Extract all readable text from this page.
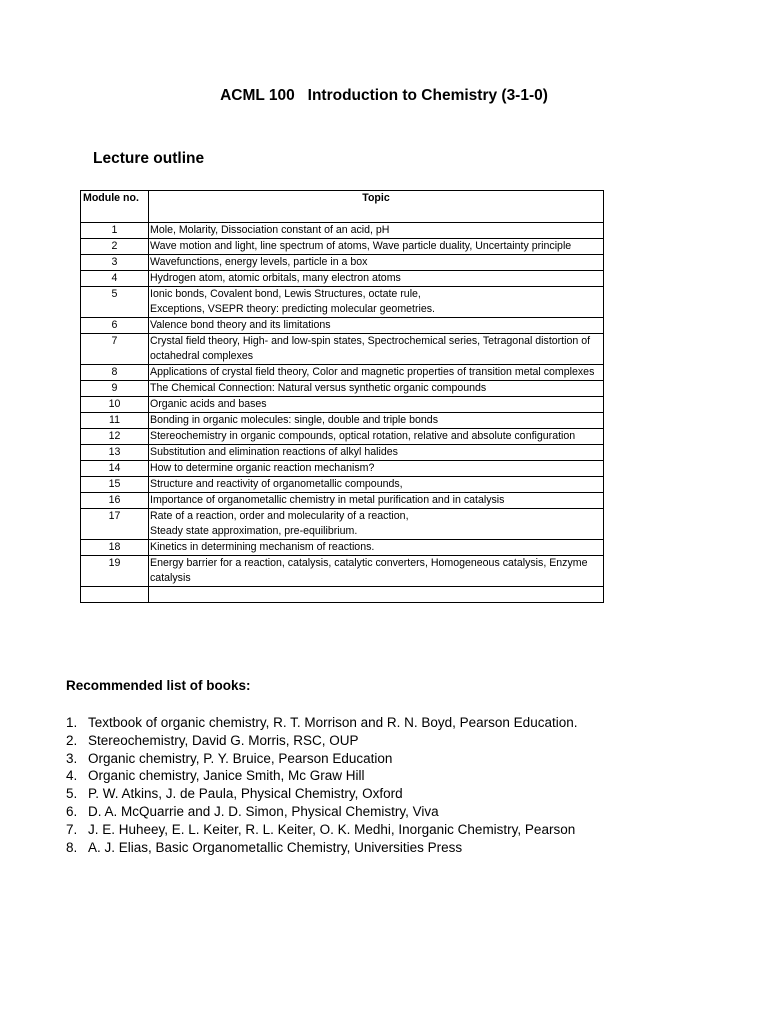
ACML 100   Introduction to Chemistry (3-1-0)
Lecture outline
Module no.	Topic
1	Mole, Molarity, Dissociation constant of an acid, pH
2	Wave motion and light, line spectrum of atoms, Wave particle duality, Uncertainty principle
3	Wavefunctions, energy levels, particle in a box
4	Hydrogen atom, atomic orbitals, many electron atoms
5	Ionic bonds, Covalent bond, Lewis Structures, octate rule,
Exceptions, VSEPR theory: predicting molecular geometries.
6	Valence bond theory and its limitations
7	Crystal field theory, High- and low-spin states, Spectrochemical series, Tetragonal distortion of octahedral complexes
8	Applications of crystal field theory, Color and magnetic properties of transition metal complexes
9	The Chemical Connection: Natural versus synthetic organic compounds
10	Organic acids and bases
11	Bonding in organic molecules: single, double and triple bonds
12	Stereochemistry in organic compounds, optical rotation, relative and absolute configuration
13	Substitution and elimination reactions of alkyl halides
14	How to determine organic reaction mechanism?
15	Structure and reactivity of organometallic compounds,
16	Importance of organometallic chemistry in metal purification and in catalysis
17	Rate of a reaction, order and molecularity of a reaction,
Steady state approximation, pre-equilibrium.
18	Kinetics in determining mechanism of reactions.
19	Energy barrier for a reaction, catalysis, catalytic converters, Homogeneous catalysis, Enzyme catalysis

Recommended list of books:
1. Textbook of organic chemistry, R. T. Morrison and R. N. Boyd, Pearson Education.
2. Stereochemistry, David G. Morris, RSC, OUP
3. Organic chemistry, P. Y. Bruice, Pearson Education
4. Organic chemistry, Janice Smith, Mc Graw Hill
5. P. W. Atkins, J. de Paula, Physical Chemistry, Oxford
6. D. A. McQuarrie and J. D. Simon, Physical Chemistry, Viva
7. J. E. Huheey, E. L. Keiter, R. L. Keiter, O. K. Medhi, Inorganic Chemistry, Pearson
8. A. J. Elias, Basic Organometallic Chemistry, Universities Press
